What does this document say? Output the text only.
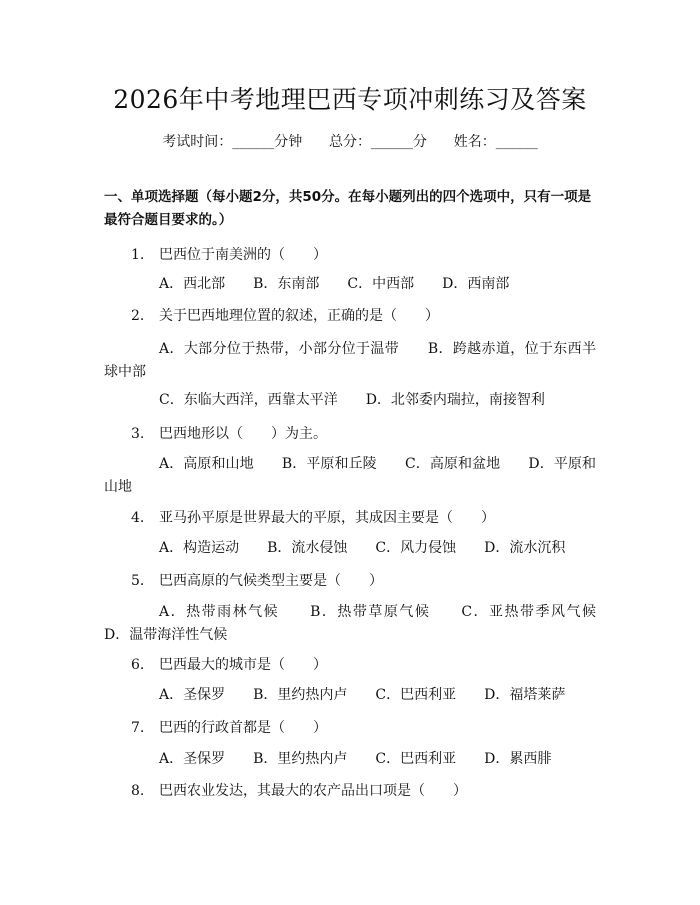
2026年中考地理巴西专项冲刺练习及答案
考试时间：______分钟      总分：______分      姓名：______
一、单项选择题（每小题2分，共50分。在每小题列出的四个选项中，只有一项是最符合题目要求的。）
1. 巴西位于南美洲的（　　）
A．西北部　　B．东南部　　C．中西部　　D．西南部
2. 关于巴西地理位置的叙述，正确的是（　　）
A．大部分位于热带，小部分位于温带　　B．跨越赤道，位于东西半球中部
C．东临大西洋，西靠太平洋　　D．北邻委内瑞拉，南接智利
3. 巴西地形以（　　）为主。
A．高原和山地　　B．平原和丘陵　　C．高原和盆地　　D．平原和山地
4. 亚马孙平原是世界最大的平原，其成因主要是（　　）
A．构造运动　　B．流水侵蚀　　C．风力侵蚀　　D．流水沉积
5. 巴西高原的气候类型主要是（　　）
A．热带雨林气候　　B．热带草原气候　　C．亚热带季风气候　　D．温带海洋性气候
6. 巴西最大的城市是（　　）
A．圣保罗　　B．里约热内卢　　C．巴西利亚　　D．福塔莱萨
7. 巴西的行政首都是（　　）
A．圣保罗　　B．里约热内卢　　C．巴西利亚　　D．累西腓
8. 巴西农业发达，其最大的农产品出口项是（　　）
